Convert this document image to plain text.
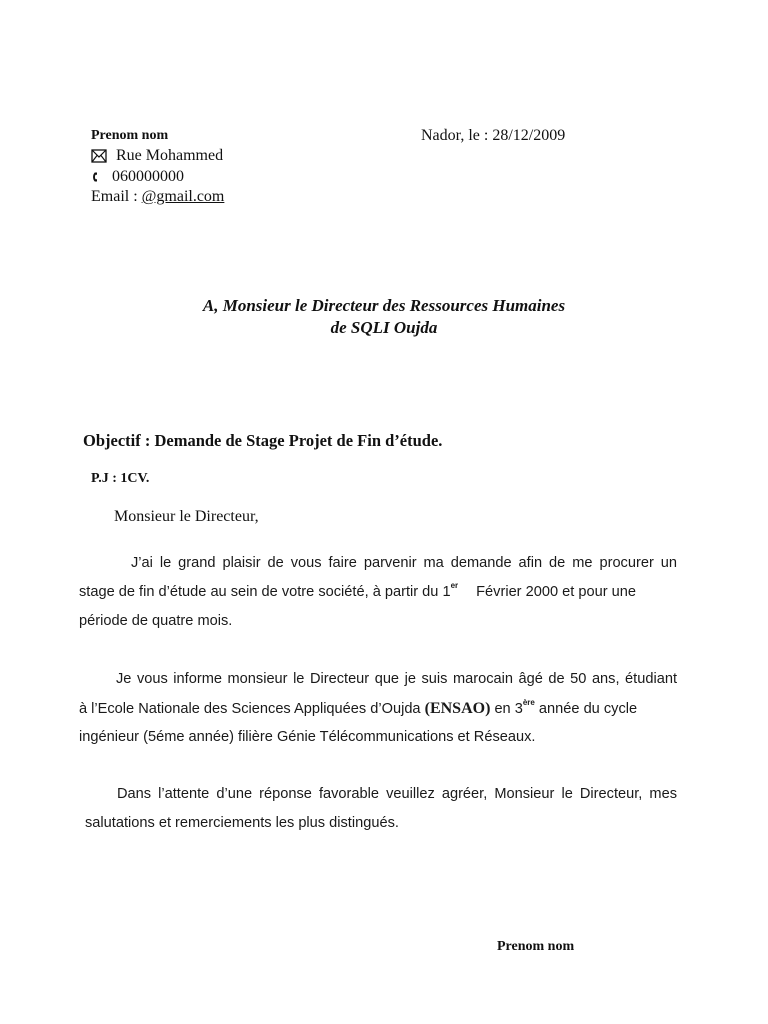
Prenom nom	Nador, le : 28/12/2009
Rue Mohammed
060000000
Email : @gmail.com
A, Monsieur le Directeur des Ressources Humaines
de SQLI Oujda
Objectif : Demande de Stage Projet de Fin d’étude.
P.J : 1CV.
Monsieur le Directeur,
J’ai le grand plaisir de vous faire parvenir ma demande afin de me procurer un
stage de fin d’étude au sein de votre société, à partir du 1er Février 2000 et pour une
période de quatre mois.
Je vous informe monsieur le Directeur que je suis marocain âgé de 50 ans, étudiant
à l’Ecole Nationale des Sciences Appliquées d’Oujda (ENSAO) en 3ère année du cycle
ingénieur (5éme année) filière Génie Télécommunications et Réseaux.
Dans l’attente d’une réponse favorable veuillez agréer, Monsieur le Directeur, mes
salutations et remerciements les plus distingués.
Prenom nom
